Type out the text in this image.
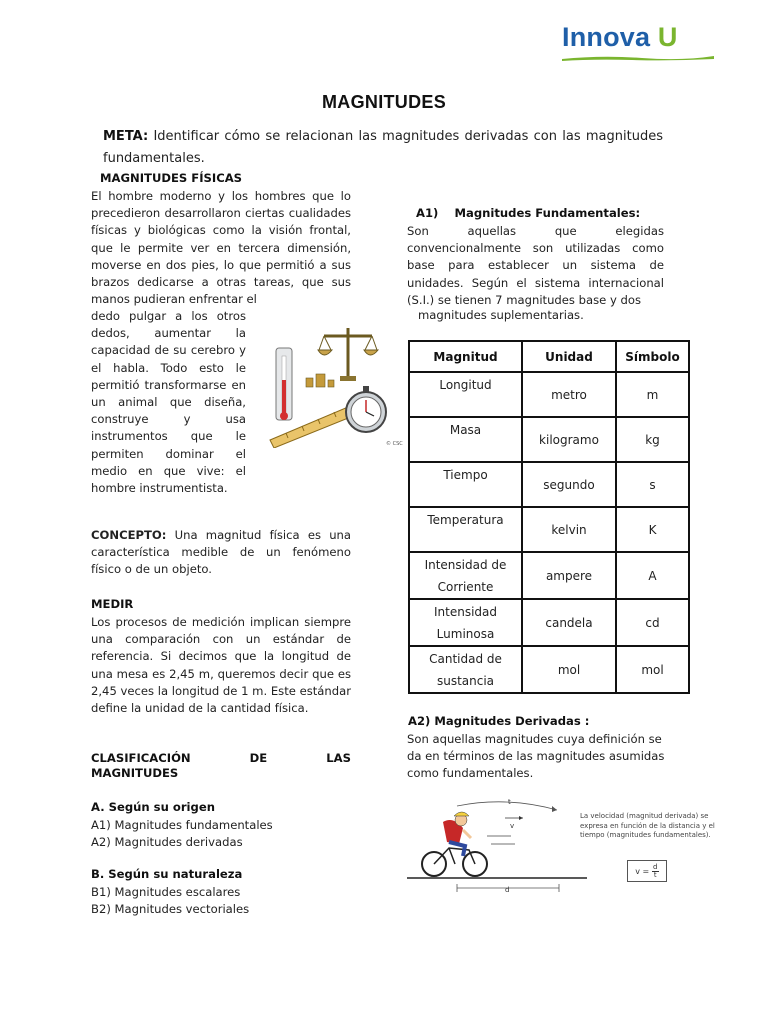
Innova U
MAGNITUDES
META: Identificar cómo se relacionan las magnitudes derivadas con las magnitudes fundamentales.
MAGNITUDES FÍSICAS
El hombre moderno y los hombres que lo precedieron desarrollaron ciertas cualidades físicas y biológicas como la visión frontal, que le permite ver en tercera dimensión, moverse en dos pies, lo que permitió a sus brazos dedicarse a otras tareas, que sus manos pudieran enfrentar el
dedo pulgar a los otros dedos, aumentar la capacidad de su cerebro y el habla. Todo esto le permitió transformarse en un animal que diseña, construye y usa instrumentos que le permiten dominar el medio en que vive: el hombre instrumentista.
© CSC
CONCEPTO: Una magnitud física es una característica medible de un fenómeno físico o de un objeto.
MEDIR
Los procesos de medición implican siempre una comparación con un estándar de referencia. Si decimos que la longitud de una mesa es 2,45 m, queremos decir que es 2,45 veces la longitud de 1 m. Este estándar define la unidad de la cantidad física.
CLASIFICACIÓN DE LAS
MAGNITUDES
A. Según su origen
A1) Magnitudes fundamentales
A2) Magnitudes derivadas
B. Según su naturaleza
B1) Magnitudes escalares
B2) Magnitudes vectoriales
A1)    Magnitudes Fundamentales:
Son aquellas que elegidas convencionalmente son utilizadas como base para establecer un sistema de unidades. Según el sistema internacional (S.I.) se tienen 7 magnitudes base y dos
magnitudes suplementarias.
Magnitud	Unidad	Símbolo
Longitud	metro	m
Masa	kilogramo	kg
Tiempo	segundo	s
Temperatura	kelvin	K
Intensidad de Corriente	ampere	A
Intensidad Luminosa	candela	cd
Cantidad de sustancia	mol	mol
A2) Magnitudes Derivadas :
Son aquellas magnitudes cuya definición se da en términos de las magnitudes asumidas como fundamentales.
t
v
d
La velocidad (magnitud derivada) se expresa en función de la distancia y el tiempo (magnitudes fundamentales).
v =
$\frac{d}{t}$
